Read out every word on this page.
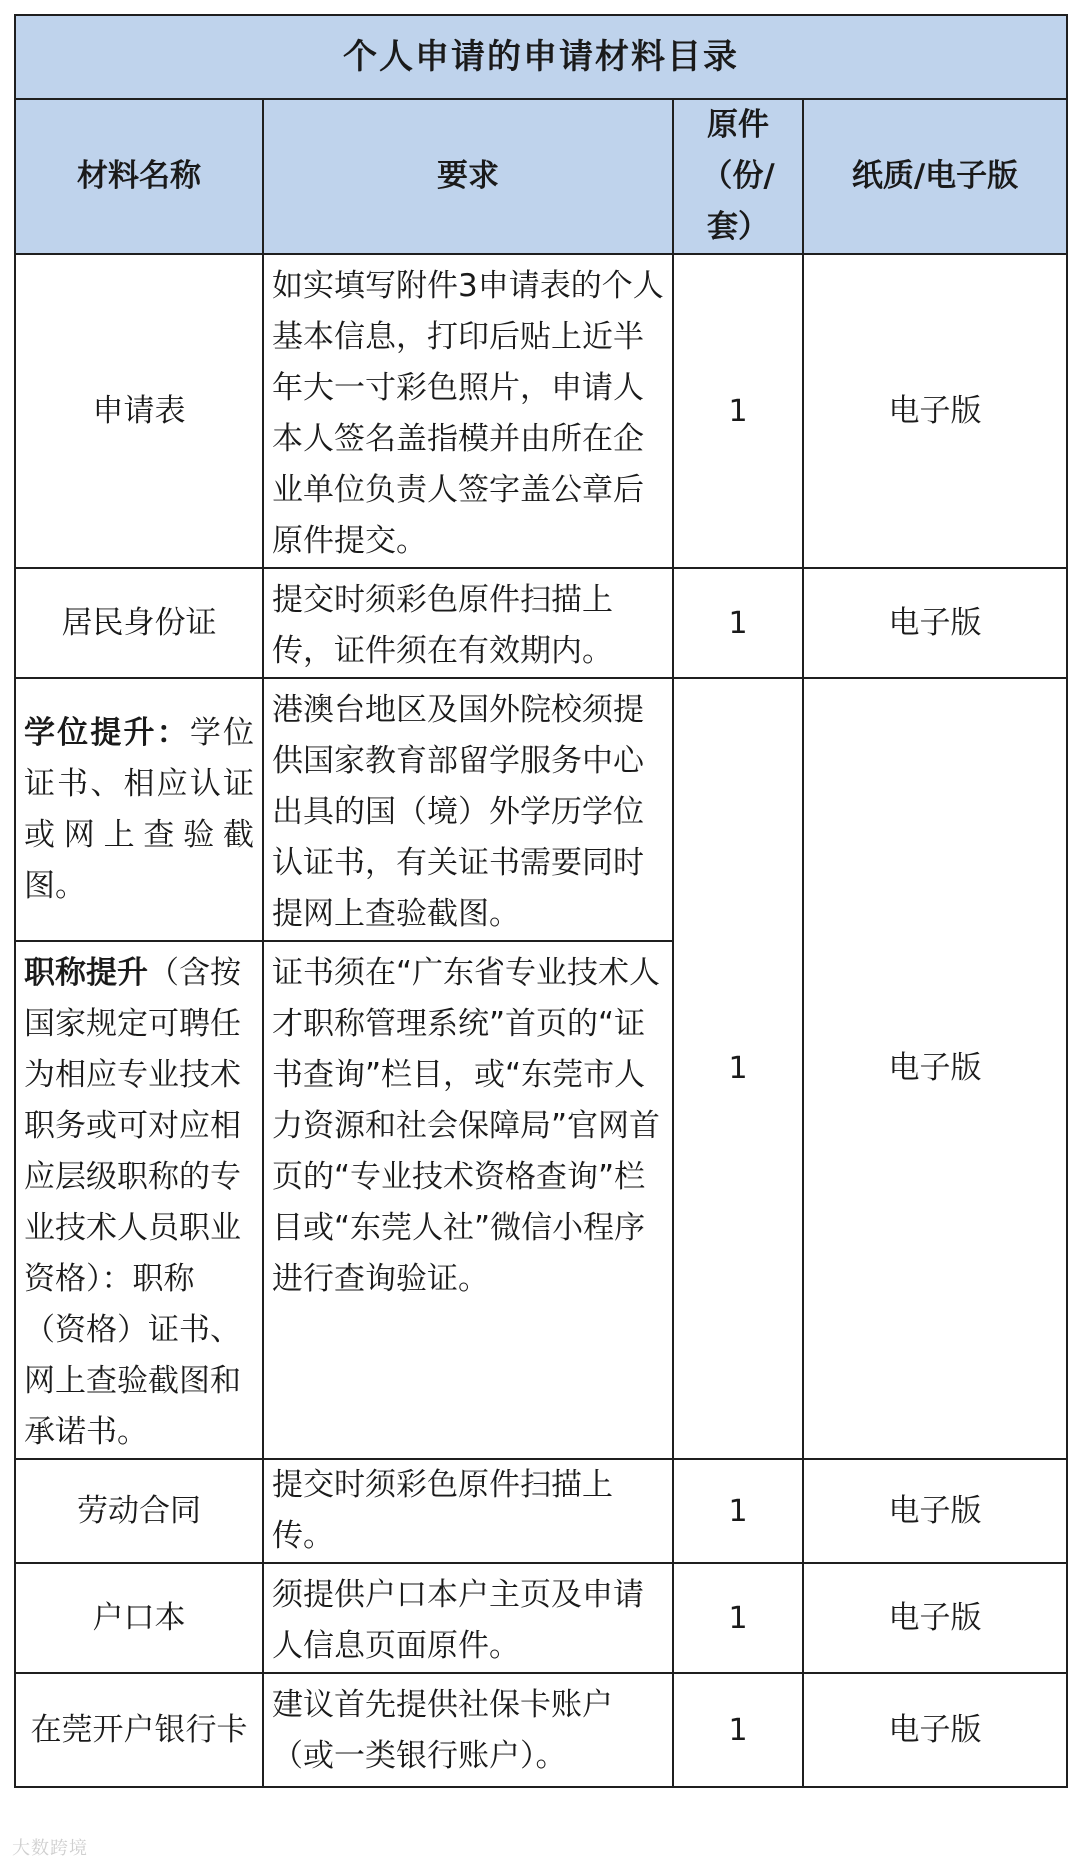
个人申请的申请材料目录			
材料名称	要求	原件（份/套）	纸质/电子版
申请表	如实填写附件3申请表的个人基本信息，打印后贴上近半年大一寸彩色照片，申请人本人签名盖指模并由所在企业单位负责人签字盖公章后原件提交。	1	电子版
居民身份证	提交时须彩色原件扫描上传，证件须在有效期内。	1	电子版
学位提升：学位证书、相应认证或网上查验截图。	港澳台地区及国外院校须提供国家教育部留学服务中心出具的国（境）外学历学位认证书，有关证书需要同时提网上查验截图。	1	电子版
职称提升（含按国家规定可聘任为相应专业技术职务或可对应相应层级职称的专业技术人员职业资格）：职称（资格）证书、网上查验截图和承诺书。	证书须在“广东省专业技术人才职称管理系统”首页的“证书查询”栏目，或“东莞市人力资源和社会保障局”官网首页的“专业技术资格查询”栏目或“东莞人社”微信小程序进行查询验证。		
劳动合同	提交时须彩色原件扫描上传。	1	电子版
户口本	须提供户口本户主页及申请人信息页面原件。	1	电子版
在莞开户银行卡	建议首先提供社保卡账户（或一类银行账户）。	1	电子版
大数跨境
